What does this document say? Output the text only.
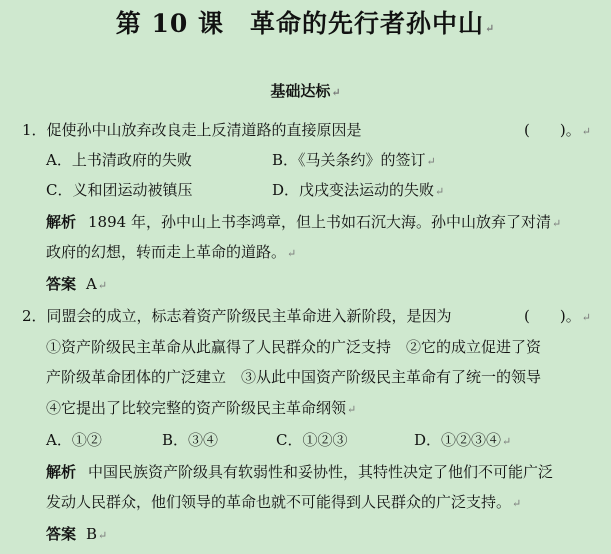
第 10 课 革命的先行者孙中山↵
基础达标↵
1．促使孙中山放弃改良走上反清道路的直接原因是	(　　)。↵
A．上书清政府的失败	B．《马关条约》的签订↵
C．义和团运动被镇压	D．戊戌变法运动的失败↵
解析 1894 年，孙中山上书李鸿章，但上书如石沉大海。孙中山放弃了对清↵
政府的幻想，转而走上革命的道路。↵
答案 A↵
2．同盟会的成立，标志着资产阶级民主革命进入新阶段，是因为	(　　)。↵
①资产阶级民主革命从此赢得了人民群众的广泛支持　②它的成立促进了资
产阶级革命团体的广泛建立　③从此中国资产阶级民主革命有了统一的领导
④它提出了比较完整的资产阶级民主革命纲领↵
A．①②	B．③④	C．①②③	D．①②③④↵
解析 中国民族资产阶级具有软弱性和妥协性，其特性决定了他们不可能广泛
发动人民群众，他们领导的革命也就不可能得到人民群众的广泛支持。↵
答案 B↵
